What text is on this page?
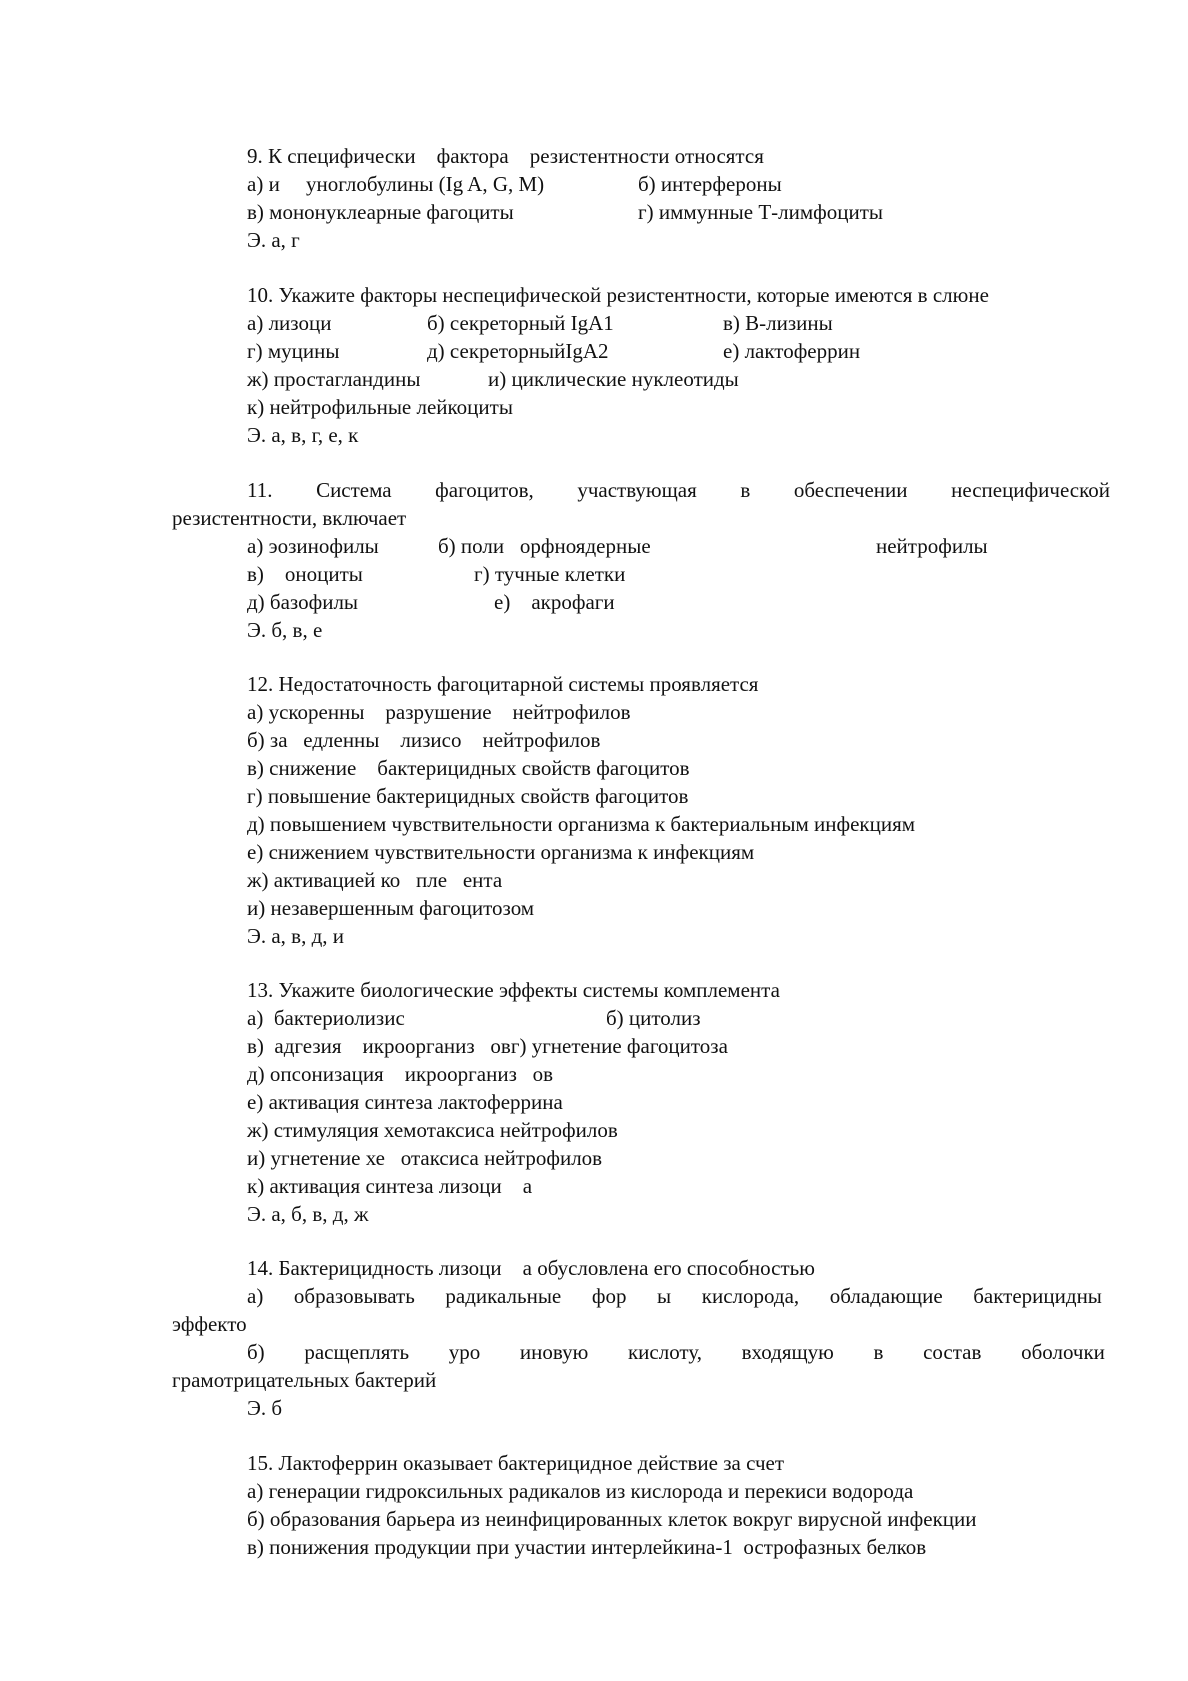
9. К специфически    фактора    резистентности относятся
а) и     уноглобулины (Ig A, G, M)	б) интерфероны
в) мононуклеарные фагоциты	г) иммунные Т-лимфоциты
Э. а, г
10. Укажите факторы неспецифической резистентности, которые имеются в слюне
а) лизоци	б) секреторный IgA1	в) В-лизины
г) муцины	д) секреторныйIgA2	е) лактоферрин
ж) простагландины	и) циклические нуклеотиды
к) нейтрофильные лейкоциты
Э. а, в, г, е, к
11. Система фагоцитов, участвующая в обеспечении неспецифической
резистентности, включает
а) эозинофилы	б) поли   орфноядерные	нейтрофилы
в)    оноциты	г) тучные клетки
д) базофилы	е)    акрофаги
Э. б, в, е
12. Недостаточность фагоцитарной системы проявляется
а) ускоренны    разрушение    нейтрофилов
б) за   едленны    лизисо    нейтрофилов
в) снижение    бактерицидных свойств фагоцитов
г) повышение бактерицидных свойств фагоцитов
д) повышением чувствительности организма к бактериальным инфекциям
е) снижением чувствительности организма к инфекциям
ж) активацией ко   пле   ента
и) незавершенным фагоцитозом
Э. а, в, д, и
13. Укажите биологические эффекты системы комплемента
а)  бактериолизис	б) цитолиз
в)  адгезия    икроорганиз   овг) угнетение фагоцитоза
д) опсонизация    икроорганиз   ов
е) активация синтеза лактоферрина
ж) стимуляция хемотаксиса нейтрофилов
и) угнетение хе   отаксиса нейтрофилов
к) активация синтеза лизоци    а
Э. а, б, в, д, ж
14. Бактерицидность лизоци    а обусловлена его способностью
а) образовывать радикальные фор ы кислорода, обладающие бактерицидны
эффекто
б) расщеплять уро иновую кислоту, входящую в состав оболочки
грамотрицательных бактерий
Э. б
15. Лактоферрин оказывает бактерицидное действие за счет
а) генерации гидроксильных радикалов из кислорода и перекиси водорода
б) образования барьера из неинфицированных клеток вокруг вирусной инфекции
в) понижения продукции при участии интерлейкина-1  острофазных белков
